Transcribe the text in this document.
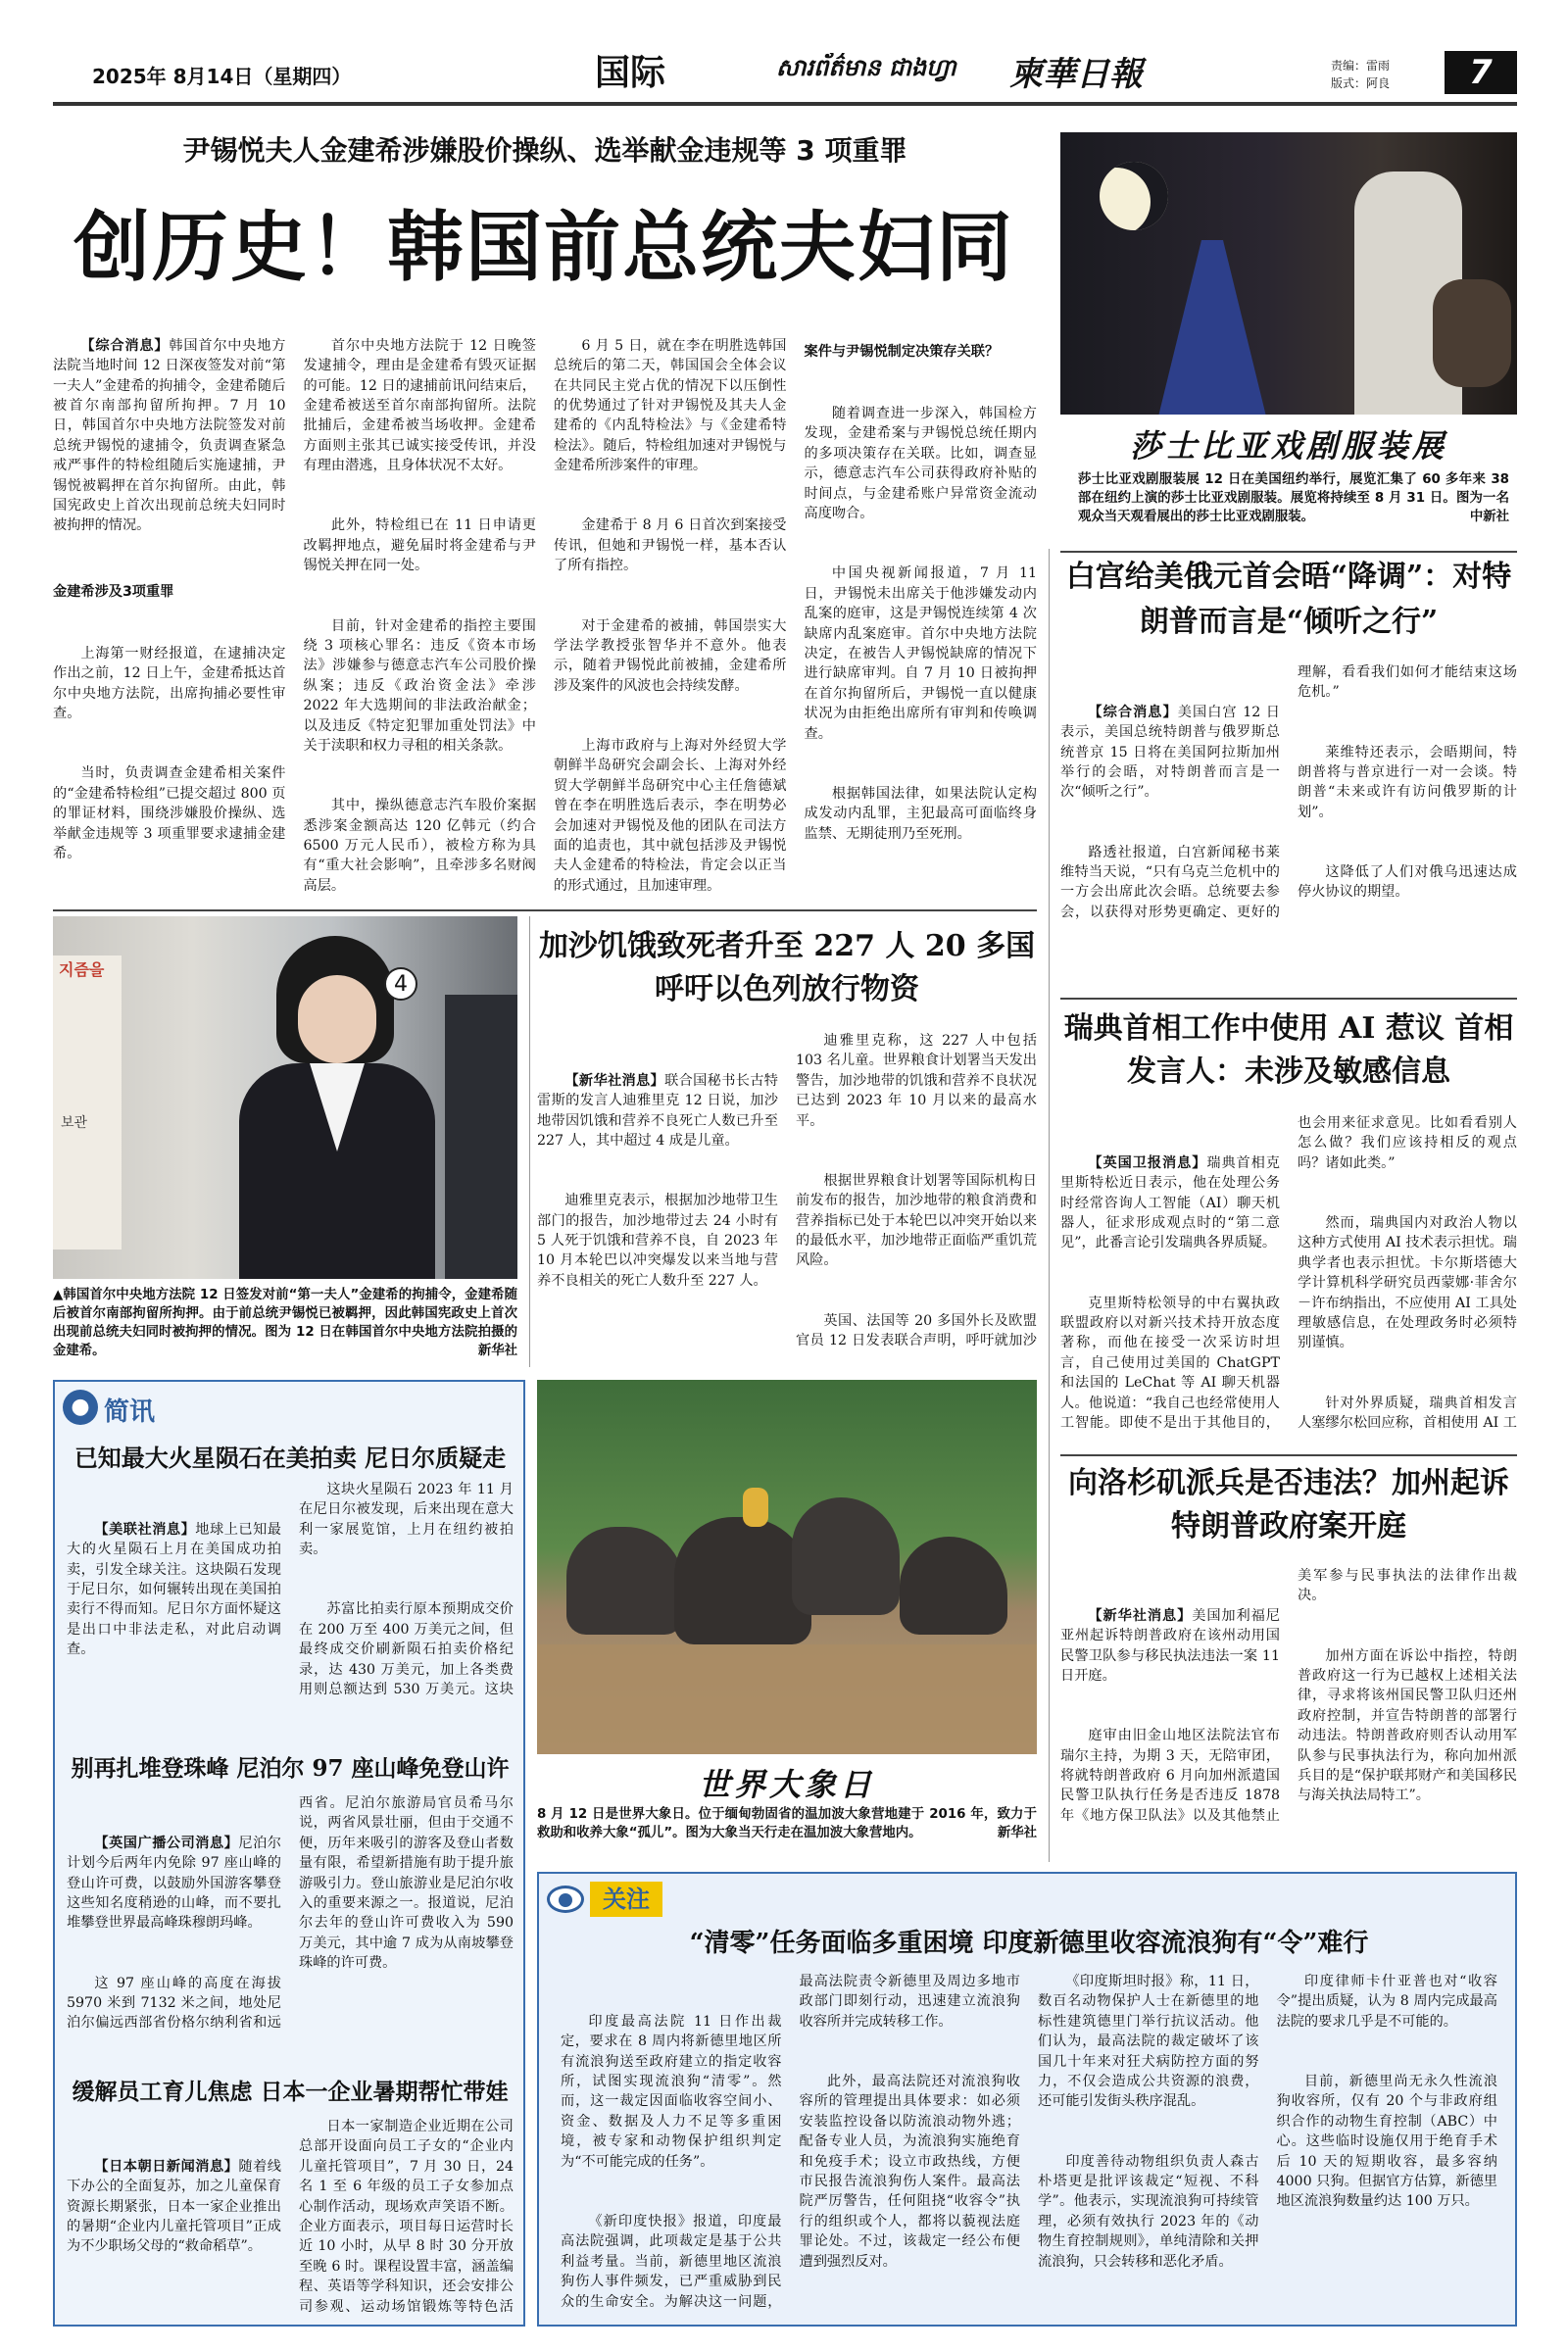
2025年 8月14日（星期四）	国际	សារព័ត៌មាន ជាងហ្វា	柬華日報	责编：雷雨
版式：阿良	7
尹锡悦夫人金建希涉嫌股价操纵、选举献金违规等 3 项重罪
创历史！韩国前总统夫妇同

【综合消息】韩国首尔中央地方法院当地时间 12 日深夜签发对前“第一夫人”金建希的拘捕令，金建希随后被首尔南部拘留所拘押。7 月 10 日，韩国首尔中央地方法院签发对前总统尹锡悦的逮捕令，负责调查紧急戒严事件的特检组随后实施逮捕，尹锡悦被羁押在首尔拘留所。由此，韩国宪政史上首次出现前总统夫妇同时被拘押的情况。

金建希涉及3项重罪

上海第一财经报道，在逮捕决定作出之前，12 日上午，金建希抵达首尔中央地方法院，出席拘捕必要性审查。

当时，负责调查金建希相关案件的“金建希特检组”已提交超过 800 页的罪证材料，围绕涉嫌股价操纵、选举献金违规等 3 项重罪要求逮捕金建希。

首尔中央地方法院于 12 日晚签发逮捕令，理由是金建希有毁灭证据的可能。12 日的逮捕前讯问结束后，金建希被送至首尔南部拘留所。法院批捕后，金建希被当场收押。金建希方面则主张其已诚实接受传讯，并没有理由潜逃，且身体状况不太好。

此外，特检组已在 11 日申请更改羁押地点，避免届时将金建希与尹锡悦关押在同一处。

目前，针对金建希的指控主要围绕 3 项核心罪名：违反《资本市场法》涉嫌参与德意志汽车公司股价操纵案；违反《政治资金法》牵涉 2022 年大选期间的非法政治献金；以及违反《特定犯罪加重处罚法》中关于渎职和权力寻租的相关条款。

其中，操纵德意志汽车股价案据悉涉案金额高达 120 亿韩元（约合 6500 万元人民币），被检方称为具有“重大社会影响”，且牵涉多名财阀高层。

6 月 5 日，就在李在明胜选韩国总统后的第二天，韩国国会全体会议在共同民主党占优的情况下以压倒性的优势通过了针对尹锡悦及其夫人金建希的《内乱特检法》与《金建希特检法》。随后，特检组加速对尹锡悦与金建希所涉案件的审理。

金建希于 8 月 6 日首次到案接受传讯，但她和尹锡悦一样，基本否认了所有指控。

对于金建希的被捕，韩国崇实大学法学教授张智华并不意外。他表示，随着尹锡悦此前被捕，金建希所涉及案件的风波也会持续发酵。

上海市政府与上海对外经贸大学朝鲜半岛研究会副会长、上海对外经贸大学朝鲜半岛研究中心主任詹德斌曾在李在明胜选后表示，李在明势必会加速对尹锡悦及他的团队在司法方面的追责也，其中就包括涉及尹锡悦夫人金建希的特检法，肯定会以正当的形式通过，且加速审理。

案件与尹锡悦制定决策存关联？

随着调查进一步深入，韩国检方发现，金建希案与尹锡悦总统任期内的多项决策存在关联。比如，调查显示，德意志汽车公司获得政府补贴的时间点，与金建希账户异常资金流动高度吻合。

中国央视新闻报道，7 月 11 日，尹锡悦未出席关于他涉嫌发动内乱案的庭审，这是尹锡悦连续第 4 次缺席内乱案庭审。首尔中央地方法院决定，在被告人尹锡悦缺席的情况下进行缺席审判。自 7 月 10 日被拘押在首尔拘留所后，尹锡悦一直以健康状况为由拒绝出席所有审判和传唤调查。

根据韩国法律，如果法院认定构成发动内乱罪，主犯最高可面临终身监禁、无期徒刑乃至死刑。

지즘을
보관
4
▲韩国首尔中央地方法院 12 日签发对前“第一夫人”金建希的拘捕令，金建希随后被首尔南部拘留所拘押。由于前总统尹锡悦已被羁押，因此韩国宪政史上首次出现前总统夫妇同时被拘押的情况。图为 12 日在韩国首尔中央地方法院拍摄的金建希。	新华社
加沙饥饿致死者升至 227 人 20 多国呼吁以色列放行物资

【新华社消息】联合国秘书长古特雷斯的发言人迪雅里克 12 日说，加沙地带因饥饿和营养不良死亡人数已升至 227 人，其中超过 4 成是儿童。

迪雅里克表示，根据加沙地带卫生部门的报告，加沙地带过去 24 小时有 5 人死于饥饿和营养不良，自 2023 年 10 月本轮巴以冲突爆发以来当地与营养不良相关的死亡人数升至 227 人。

迪雅里克称，这 227 人中包括 103 名儿童。世界粮食计划署当天发出警告，加沙地带的饥饿和营养不良状况已达到 2023 年 10 月以来的最高水平。

根据世界粮食计划署等国际机构日前发布的报告，加沙地带的粮食消费和营养指标已处于本轮巴以冲突开始以来的最低水平，加沙地带正面临严重饥荒风险。

英国、法国等 20 多国外长及欧盟官员 12 日发表联合声明，呼吁就加沙

莎士比亚戏剧服装展
莎士比亚戏剧服装展 12 日在美国纽约举行，展览汇集了 60 多年来 38 部在纽约上演的莎士比亚戏剧服装。展览将持续至 8 月 31 日。图为一名观众当天观看展出的莎士比亚戏剧服装。	中新社
白宫给美俄元首会晤“降调”：对特朗普而言是“倾听之行”

【综合消息】美国白宫 12 日表示，美国总统特朗普与俄罗斯总统普京 15 日将在美国阿拉斯加州举行的会晤，对特朗普而言是一次“倾听之行”。

路透社报道，白宫新闻秘书莱维特当天说，“只有乌克兰危机中的一方会出席此次会晤。总统要去参会，以获得对形势更确定、更好的理解，看看我们如何才能结束这场危机。”

莱维特还表示，会晤期间，特朗普将与普京进行一对一会谈。特朗普“未来或许有访问俄罗斯的计划”。

这降低了人们对俄乌迅速达成停火协议的期望。

瑞典首相工作中使用 AI 惹议 首相发言人：未涉及敏感信息

【英国卫报消息】瑞典首相克里斯特松近日表示，他在处理公务时经常咨询人工智能（AI）聊天机器人，征求形成观点时的“第二意见”，此番言论引发瑞典各界质疑。

克里斯特松领导的中右翼执政联盟政府以对新兴技术持开放态度著称，而他在接受一次采访时坦言，自己使用过美国的 ChatGPT 和法国的 LeChat 等 AI 聊天机器人。他说道：“我自己也经常使用人工智能。即使不是出于其他目的，也会用来征求意见。比如看看别人怎么做？我们应该持相反的观点吗？诸如此类。”

然而，瑞典国内对政治人物以这种方式使用 AI 技术表示担忧。瑞典学者也表示担忧。卡尔斯塔德大学计算机科学研究员西蒙娜·菲舍尔－许布纳指出，不应使用 AI 工具处理敏感信息，在处理政务时必须特别谨慎。

针对外界质疑，瑞典首相发言人塞缪尔松回应称，首相使用 AI 工

向洛杉矶派兵是否违法？加州起诉特朗普政府案开庭

【新华社消息】美国加利福尼亚州起诉特朗普政府在该州动用国民警卫队参与移民执法违法一案 11 日开庭。

庭审由旧金山地区法院法官布瑞尔主持，为期 3 天，无陪审团，将就特朗普政府 6 月向加州派遣国民警卫队执行任务是否违反 1878 年《地方保卫队法》以及其他禁止美军参与民事执法的法律作出裁决。

加州方面在诉讼中指控，特朗普政府这一行为已越权上述相关法律，寻求将该州国民警卫队归还州政府控制，并宣告特朗普的部署行动违法。特朗普政府则否认动用军队参与民事执法行为，称向加州派兵目的是“保护联邦财产和美国移民与海关执法局特工”。

● 简讯
已知最大火星陨石在美拍卖 尼日尔质疑走

【美联社消息】地球上已知最大的火星陨石上月在美国成功拍卖，引发全球关注。这块陨石发现于尼日尔，如何辗转出现在美国拍卖行不得而知。尼日尔方面怀疑这是出口中非法走私，对此启动调查。

这块火星陨石 2023 年 11 月在尼日尔被发现，后来出现在意大利一家展览馆，上月在纽约被拍卖。

苏富比拍卖行原本预期成交价在 200 万至 400 万美元之间，但最终成交价刷新陨石拍卖价格纪录，达 430 万美元，加上各类费用则总额达到 530 万美元。这块

别再扎堆登珠峰 尼泊尔 97 座山峰免登山许

【英国广播公司消息】尼泊尔计划今后两年内免除 97 座山峰的登山许可费，以鼓励外国游客攀登这些知名度稍逊的山峰，而不要扎堆攀登世界最高峰珠穆朗玛峰。

这 97 座山峰的高度在海拔 5970 米到 7132 米之间，地处尼泊尔偏远西部省份格尔纳利省和远西省。尼泊尔旅游局官员希马尔说，两省风景壮丽，但由于交通不便，历年来吸引的游客及登山者数量有限，希望新措施有助于提升旅游吸引力。登山旅游业是尼泊尔收入的重要来源之一。报道说，尼泊尔去年的登山许可费收入为 590 万美元，其中逾 7 成为从南坡攀登珠峰的许可费。

缓解员工育儿焦虑 日本一企业暑期帮忙带娃

【日本朝日新闻消息】随着线下办公的全面复苏，加之儿童保育资源长期紧张，日本一家企业推出的暑期“企业内儿童托管项目”正成为不少职场父母的“救命稻草”。

日本一家制造企业近期在公司总部开设面向员工子女的“企业内儿童托管项目”，7 月 30 日，24 名 1 至 6 年级的员工子女参加点心制作活动，现场欢声笑语不断。企业方面表示，项目每日运营时长近 10 小时，从早 8 时 30 分开放至晚 6 时。课程设置丰富，涵盖编程、英语等学科知识，还会安排公司参观、运动场馆锻炼等特色活

世界大象日
8 月 12 日是世界大象日。位于缅甸勃固省的温加波大象营地建于 2016 年，致力于救助和收养大象“孤儿”。图为大象当天行走在温加波大象营地内。	新华社
关注
“清零”任务面临多重困境 印度新德里收容流浪狗有“令”难行

印度最高法院 11 日作出裁定，要求在 8 周内将新德里地区所有流浪狗送至政府建立的指定收容所，试图实现流浪狗“清零”。然而，这一裁定因面临收容空间小、资金、数据及人力不足等多重困境，被专家和动物保护组织判定为“不可能完成的任务”。

《新印度快报》报道，印度最高法院强调，此项裁定是基于公共利益考量。当前，新德里地区流浪狗伤人事件频发，已严重威胁到民众的生命安全。为解决这一问题，最高法院责令新德里及周边多地市政部门即刻行动，迅速建立流浪狗收容所并完成转移工作。

此外，最高法院还对流浪狗收容所的管理提出具体要求：如必须安装监控设备以防流浪动物外逃；配备专业人员，为流浪狗实施绝育和免疫手术；设立市政热线，方便市民报告流浪狗伤人案件。最高法院严厉警告，任何阻挠“收容令”执行的组织或个人，都将以藐视法庭罪论处。不过，该裁定一经公布便遭到强烈反对。

《印度斯坦时报》称，11 日，数百名动物保护人士在新德里的地标性建筑德里门举行抗议活动。他们认为，最高法院的裁定破坏了该国几十年来对狂犬病防控方面的努力，不仅会造成公共资源的浪费，还可能引发街头秩序混乱。

印度善待动物组织负责人森古朴塔更是批评该裁定“短视、不科学”。他表示，实现流浪狗可持续管理，必须有效执行 2023 年的《动物生育控制规则》，单纯清除和关押流浪狗，只会转移和恶化矛盾。

印度律师卡什亚普也对“收容令”提出质疑，认为 8 周内完成最高法院的要求几乎是不可能的。

目前，新德里尚无永久性流浪狗收容所，仅有 20 个与非政府组织合作的动物生育控制（ABC）中心。这些临时设施仅用于绝育手术后 10 天的短期收容，最多容纳 4000 只狗。但据官方估算，新德里地区流浪狗数量约达 100 万只。
